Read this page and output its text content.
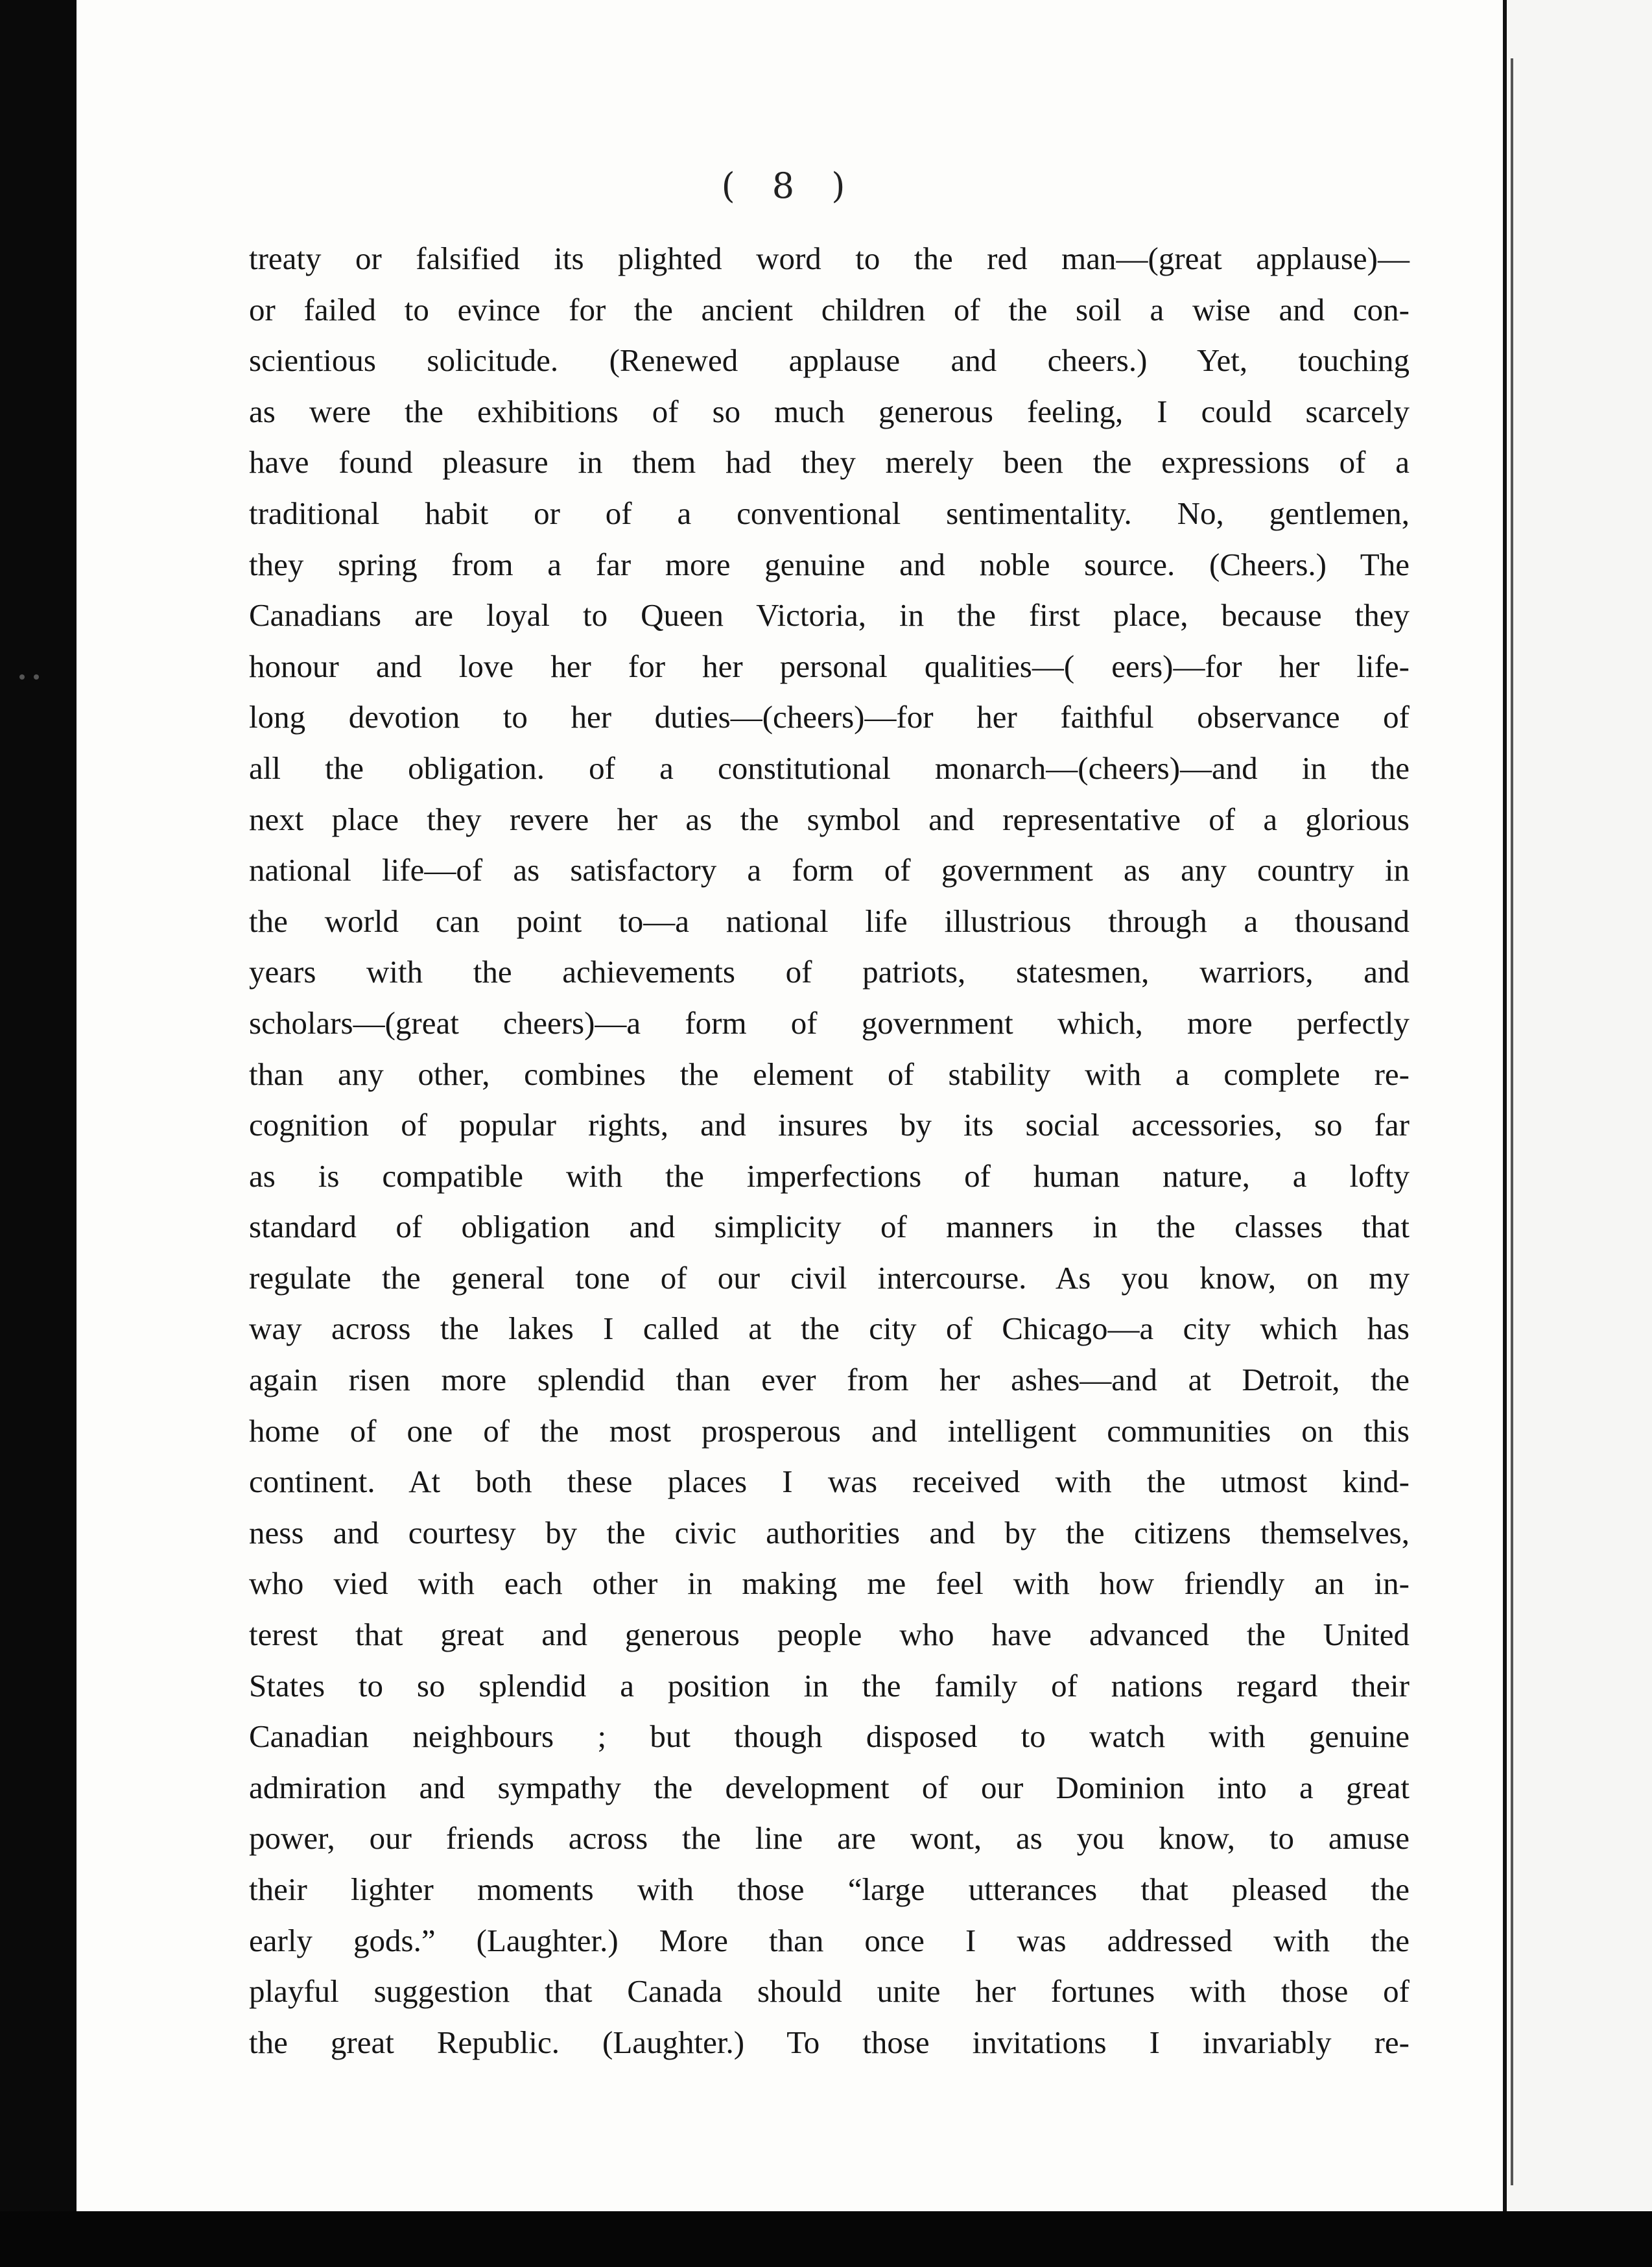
( 8 )
treaty or falsified its plighted word to the red man—(great applause)—
or failed to evince for the ancient children of the soil a wise and con-
scientious solicitude. (Renewed applause and cheers.) Yet, touching
as were the exhibitions of so much generous feeling, I could scarcely
have found pleasure in them had they merely been the expressions of a
traditional habit or of a conventional sentimentality. No, gentlemen,
they spring from a far more genuine and noble source. (Cheers.) The
Canadians are loyal to Queen Victoria, in the first place, because they
honour and love her for her personal qualities—( eers)—for her life-
long devotion to her duties—(cheers)—for her faithful observance of
all the obligation. of a constitutional monarch—(cheers)—and in the
next place they revere her as the symbol and representative of a glorious
national life—of as satisfactory a form of government as any country in
the world can point to—a national life illustrious through a thousand
years with the achievements of patriots, statesmen, warriors, and
scholars—(great cheers)—a form of government which, more perfectly
than any other, combines the element of stability with a complete re-
cognition of popular rights, and insures by its social accessories, so far
as is compatible with the imperfections of human nature, a lofty
standard of obligation and simplicity of manners in the classes that
regulate the general tone of our civil intercourse. As you know, on my
way across the lakes I called at the city of Chicago—a city which has
again risen more splendid than ever from her ashes—and at Detroit, the
home of one of the most prosperous and intelligent communities on this
continent. At both these places I was received with the utmost kind-
ness and courtesy by the civic authorities and by the citizens themselves,
who vied with each other in making me feel with how friendly an in-
terest that great and generous people who have advanced the United
States to so splendid a position in the family of nations regard their
Canadian neighbours ; but though disposed to watch with genuine
admiration and sympathy the development of our Dominion into a great
power, our friends across the line are wont, as you know, to amuse
their lighter moments with those “large utterances that pleased the
early gods.” (Laughter.) More than once I was addressed with the
playful suggestion that Canada should unite her fortunes with those of
the great Republic. (Laughter.) To those invitations I invariably re-
